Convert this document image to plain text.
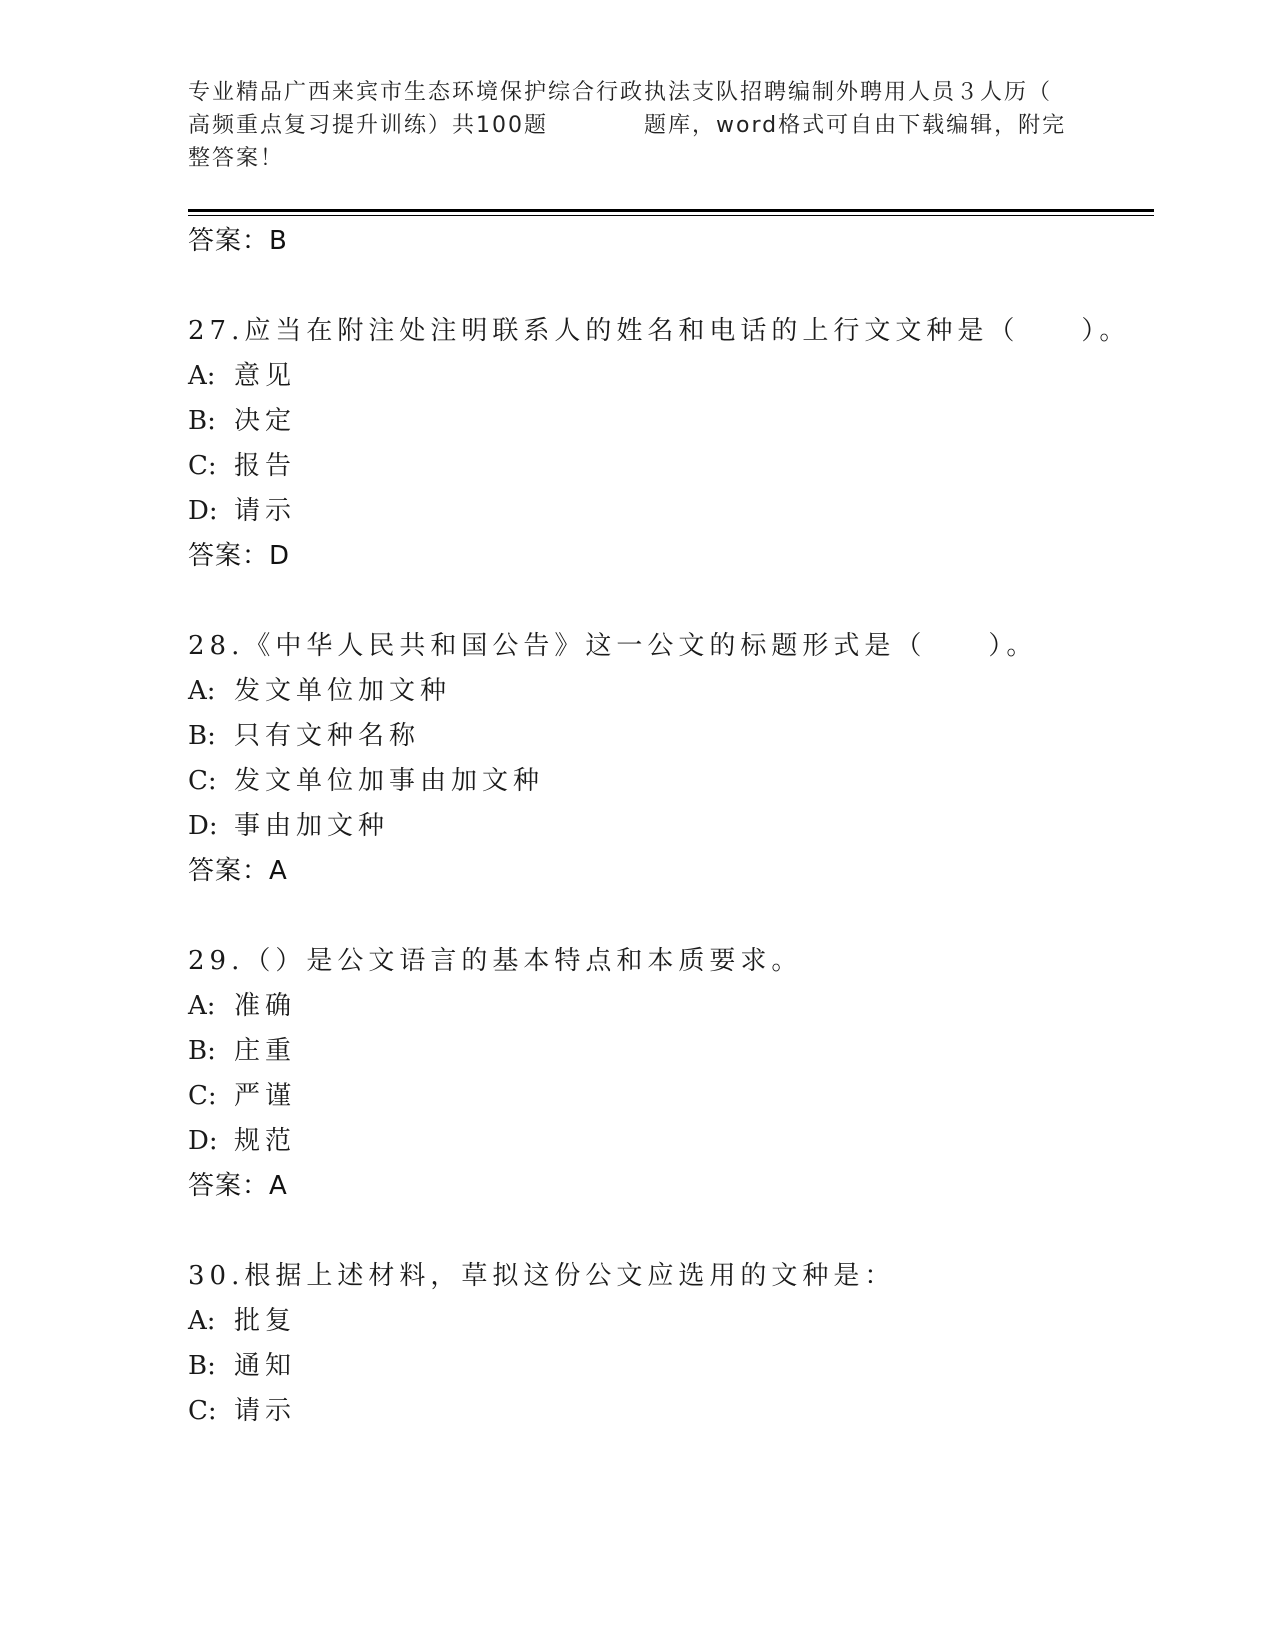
专业精品广西来宾市生态环境保护综合行政执法支队招聘编制外聘用人员３人历（
高频重点复习提升训练）共100题　　　　题库，word格式可自由下载编辑，附完
整答案！
答案：B
27.应当在附注处注明联系人的姓名和电话的上行文文种是（　　）。
A: 意见
B: 决定
C: 报告
D: 请示
答案：D
28.《中华人民共和国公告》这一公文的标题形式是（　　）。
A: 发文单位加文种
B: 只有文种名称
C: 发文单位加事由加文种
D: 事由加文种
答案：A
29.（）是公文语言的基本特点和本质要求。
A: 准确
B: 庄重
C: 严谨
D: 规范
答案：A
30.根据上述材料，草拟这份公文应选用的文种是：
A: 批复
B: 通知
C: 请示
